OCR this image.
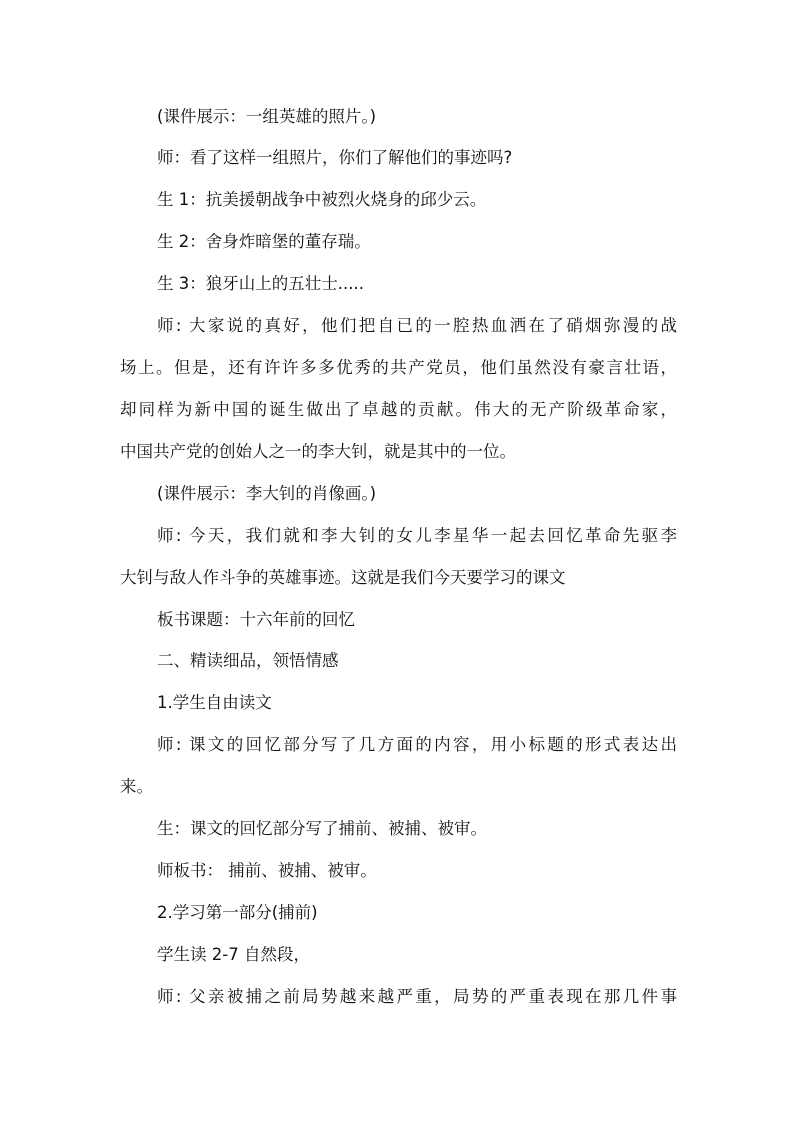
(课件展示：一组英雄的照片。)
师：看了这样一组照片，你们了解他们的事迹吗?
生 1：抗美援朝战争中被烈火烧身的邱少云。
生 2：舍身炸暗堡的董存瑞。
生 3：狼牙山上的五壮士.....
师: 大家说的真好，他们把自已的一腔热血洒在了硝烟弥漫的战
场上。但是，还有许许多多优秀的共产党员，他们虽然没有豪言壮语，
却同样为新中国的诞生做出了卓越的贡献。伟大的无产阶级革命家，
中国共产党的创始人之一的李大钊，就是其中的一位。
(课件展示：李大钊的肖像画。)
师: 今天，我们就和李大钊的女儿李星华一起去回忆革命先驱李
大钊与敌人作斗争的英雄事迹。这就是我们今天要学习的课文
板书课题：十六年前的回忆
二、精读细品，领悟情感
1.学生自由读文
师: 课文的回忆部分写了几方面的内容，用小标题的形式表达出
来。
生：课文的回忆部分写了捕前、被捕、被审。
师板书： 捕前、被捕、被审。
2.学习第一部分(捕前)
学生读 2-7 自然段，
师: 父亲被捕之前局势越来越严重，局势的严重表现在那几件事
